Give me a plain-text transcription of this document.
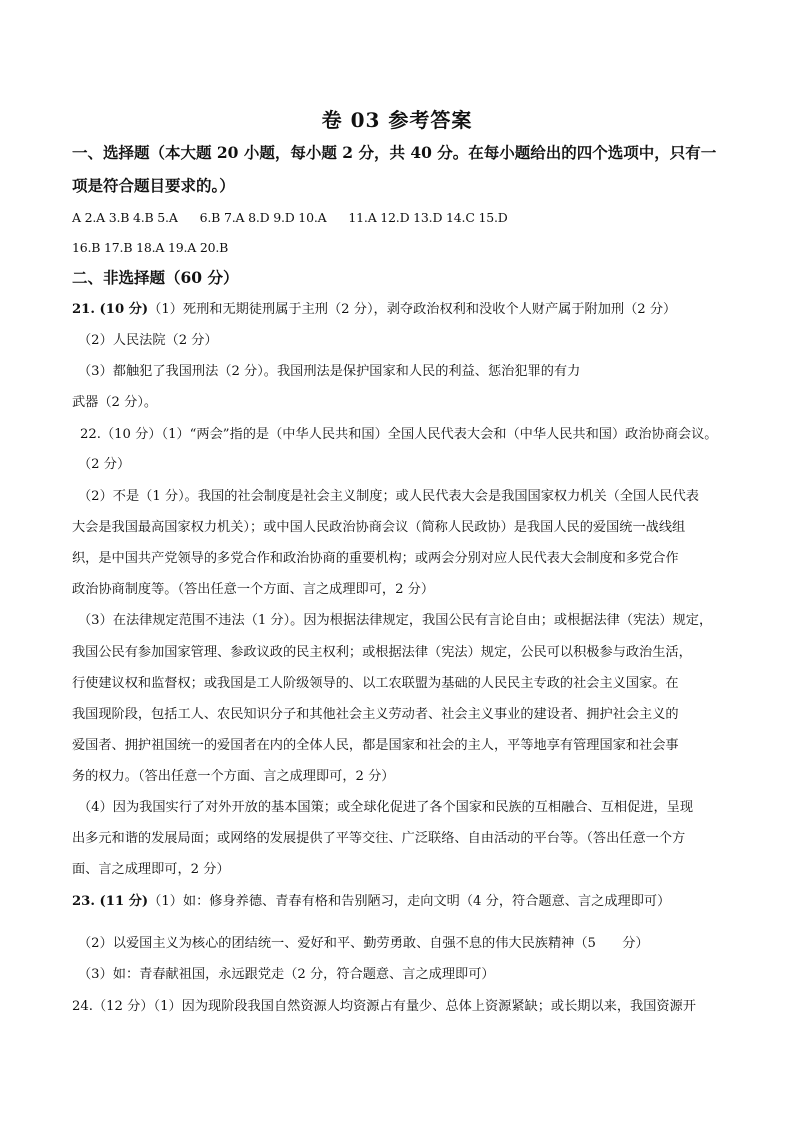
卷 03 参考答案
一、选择题（本大题 20 小题，每小题 2 分，共 40 分。在每小题给出的四个选项中，只有一
项是符合题目要求的。）
A 2.A 3.B 4.B 5.A 6.B 7.A 8.D 9.D 10.A 11.A 12.D 13.D 14.C 15.D
16.B 17.B 18.A 19.A 20.B
二、非选择题（60 分）
21. (10 分)（1）死刑和无期徒刑属于主刑（2 分），剥夺政治权利和没收个人财产属于附加刑（2 分）
（2）人民法院（2 分）
（3）都触犯了我国刑法（2 分）。我国刑法是保护国家和人民的利益、惩治犯罪的有力
武器（2 分）。
22.（10 分）（1）“两会”指的是（中华人民共和国）全国人民代表大会和（中华人民共和国）政治协商会议。
（2 分）
（2）不是（1 分）。我国的社会制度是社会主义制度；或人民代表大会是我国国家权力机关（全国人民代表
大会是我国最高国家权力机关）；或中国人民政治协商会议（简称人民政协）是我国人民的爱国统一战线组
织，是中国共产党领导的多党合作和政治协商的重要机构；或两会分别对应人民代表大会制度和多党合作
政治协商制度等。（答出任意一个方面、言之成理即可，2 分）
（3）在法律规定范围不违法（1 分）。因为根据法律规定，我国公民有言论自由；或根据法律（宪法）规定，
我国公民有参加国家管理、参政议政的民主权利；或根据法律（宪法）规定，公民可以积极参与政治生活，
行使建议权和监督权；或我国是工人阶级领导的、以工农联盟为基础的人民民主专政的社会主义国家。在
我国现阶段，包括工人、农民知识分子和其他社会主义劳动者、社会主义事业的建设者、拥护社会主义的
爱国者、拥护祖国统一的爱国者在内的全体人民，都是国家和社会的主人，平等地享有管理国家和社会事
务的权力。（答出任意一个方面、言之成理即可，2 分）
（4）因为我国实行了对外开放的基本国策；或全球化促进了各个国家和民族的互相融合、互相促进，呈现
出多元和谐的发展局面；或网络的发展提供了平等交往、广泛联络、自由活动的平台等。（答出任意一个方
面、言之成理即可，2 分）
23. (11 分)（1）如：修身养德、青春有格和告别陋习，走向文明（4 分，符合题意、言之成理即可）
（2）以爱国主义为核心的团结统一、爱好和平、勤劳勇敢、自强不息的伟大民族精神（5　　分）
（3）如：青春献祖国，永远跟党走（2 分，符合题意、言之成理即可）
24.（12 分）（1）因为现阶段我国自然资源人均资源占有量少、总体上资源紧缺；或长期以来，我国资源开
